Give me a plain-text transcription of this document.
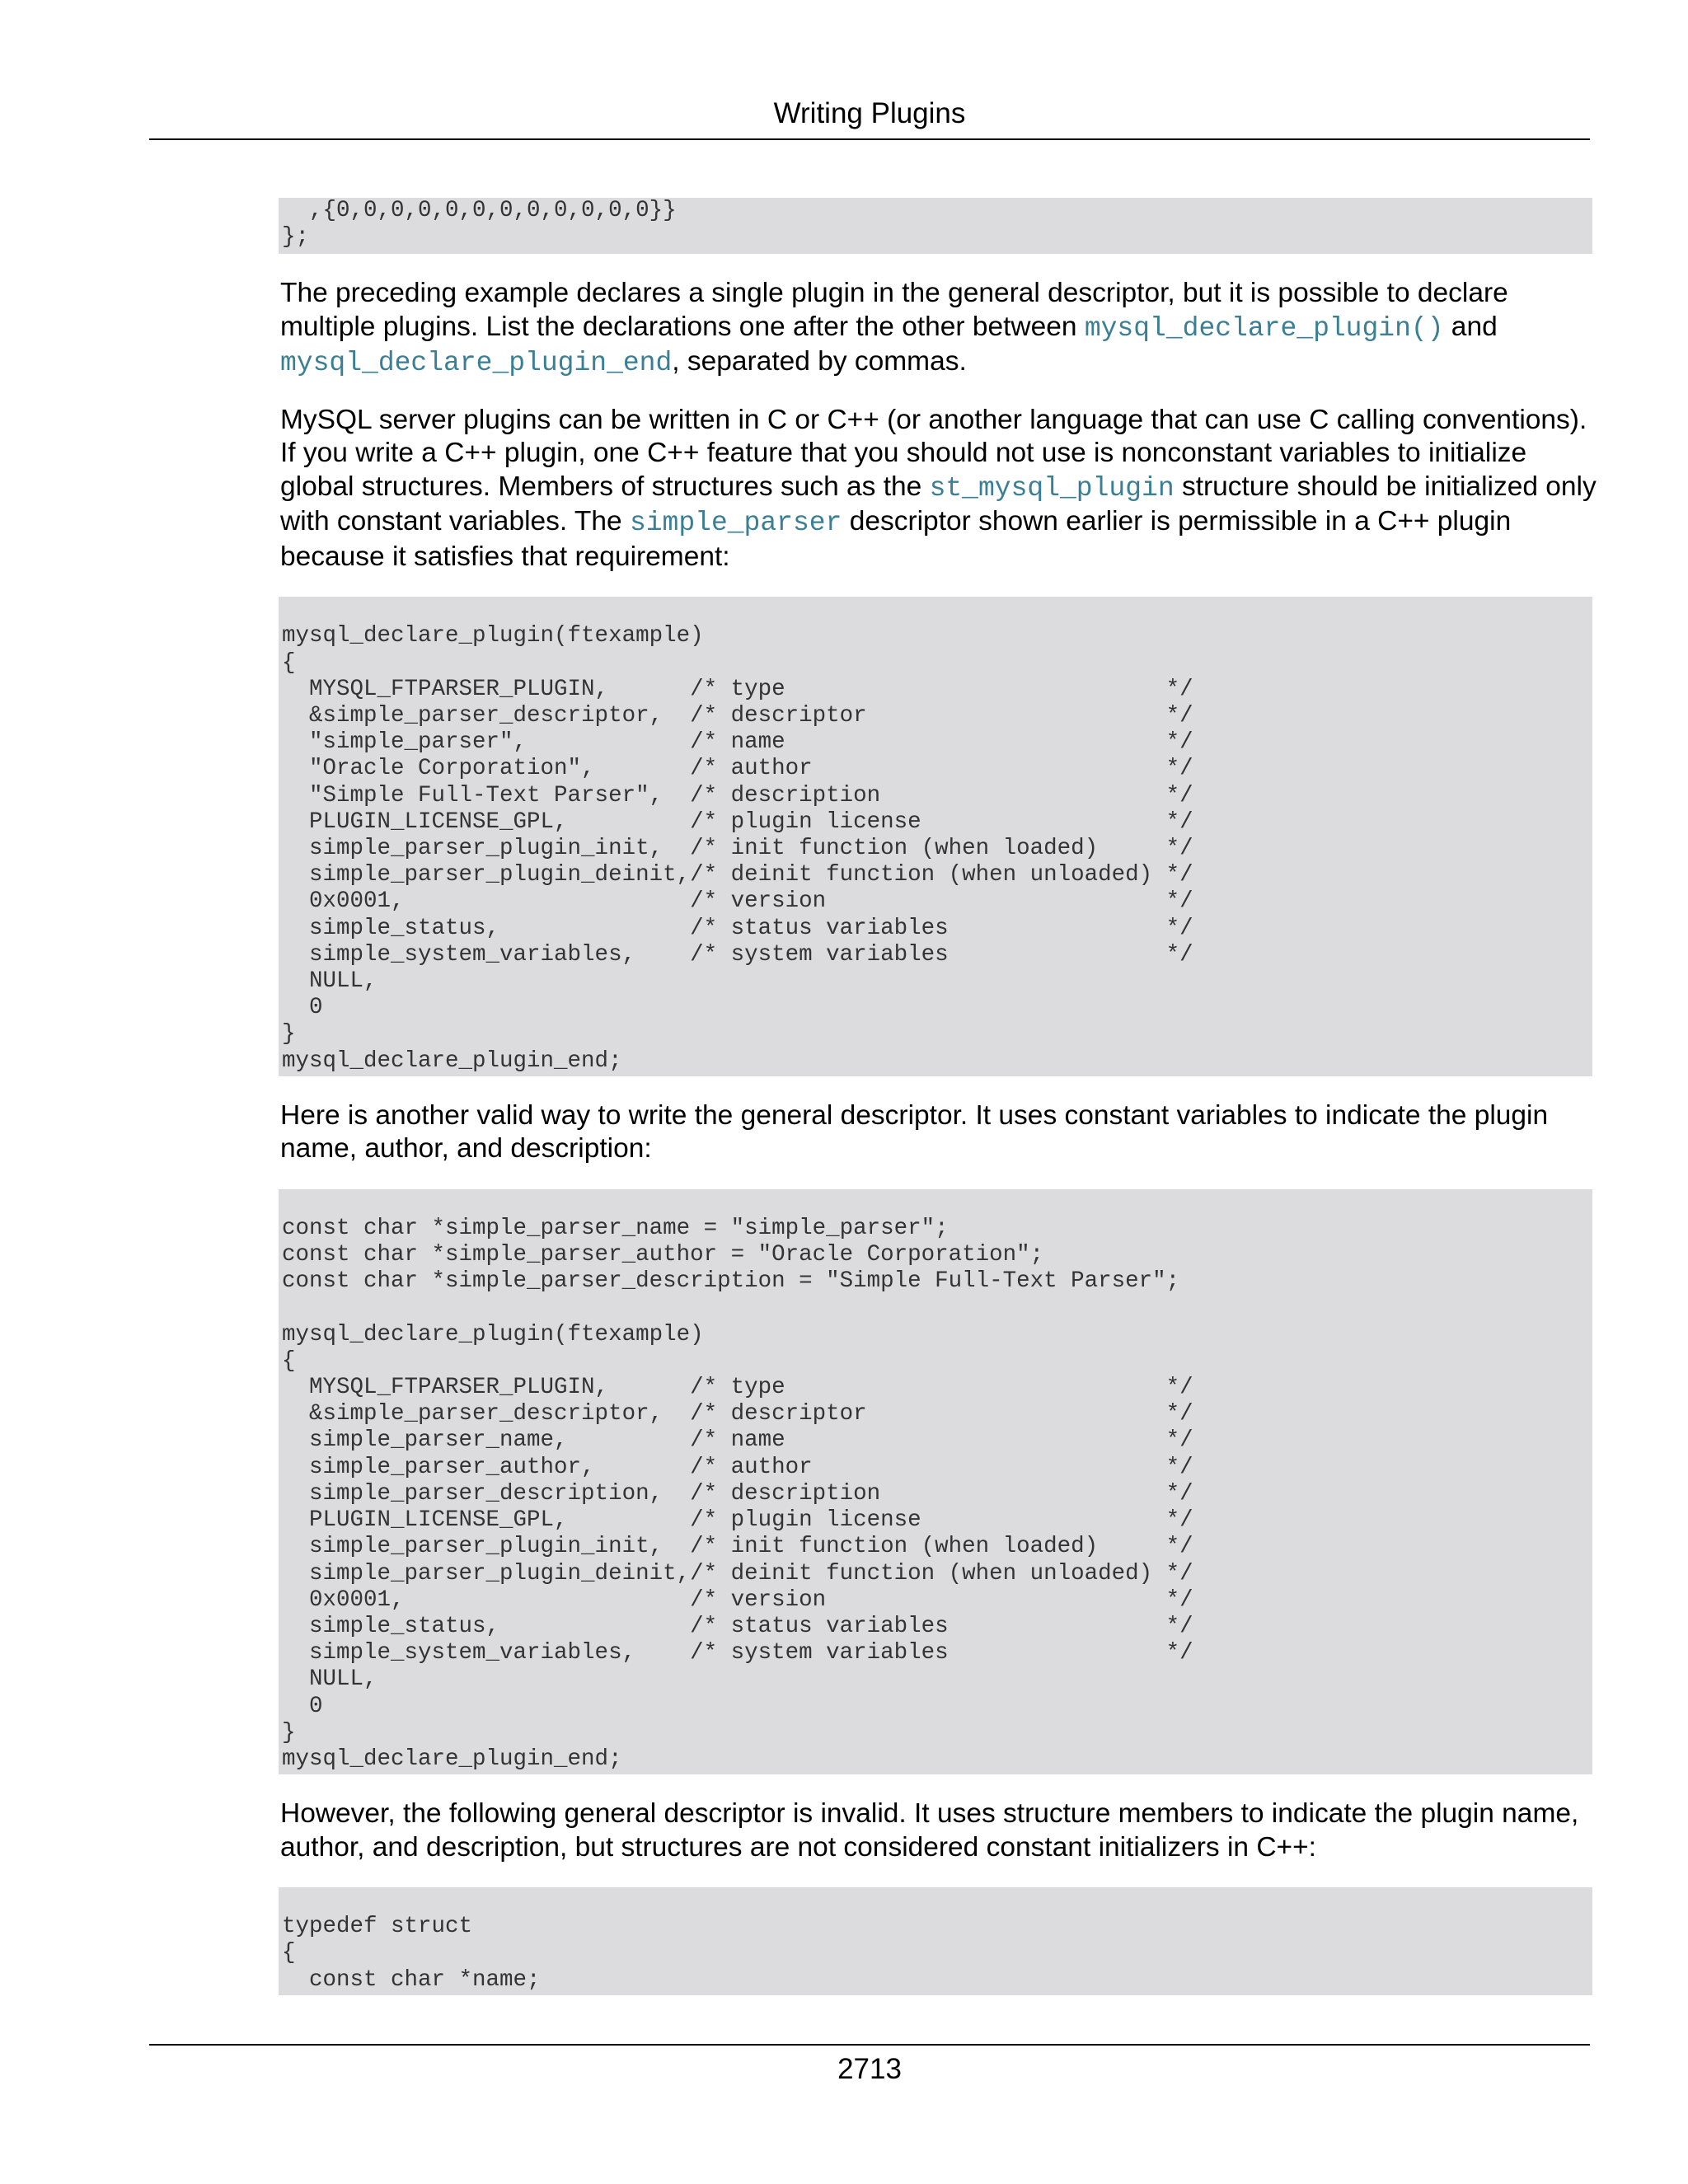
Writing Plugins
,{0,0,0,0,0,0,0,0,0,0,0,0}}
};

The preceding example declares a single plugin in the general descriptor, but it is possible to declare multiple plugins. List the declarations one after the other between mysql_declare_plugin() and mysql_declare_plugin_end, separated by commas.

MySQL server plugins can be written in C or C++ (or another language that can use C calling conventions). If you write a C++ plugin, one C++ feature that you should not use is nonconstant variables to initialize global structures. Members of structures such as the st_mysql_plugin structure should be initialized only with constant variables. The simple_parser descriptor shown earlier is permissible in a C++ plugin because it satisfies that requirement:

mysql_declare_plugin(ftexample)
{
MYSQL_FTPARSER_PLUGIN,      /* type                            */
&simple_parser_descriptor,  /* descriptor                      */
"simple_parser",            /* name                            */
"Oracle Corporation",       /* author                          */
"Simple Full-Text Parser",  /* description                     */
PLUGIN_LICENSE_GPL,         /* plugin license                  */
simple_parser_plugin_init,  /* init function (when loaded)     */
simple_parser_plugin_deinit,/* deinit function (when unloaded) */
0x0001,                     /* version                         */
simple_status,              /* status variables                */
simple_system_variables,    /* system variables                */
NULL,
0
}
mysql_declare_plugin_end;

Here is another valid way to write the general descriptor. It uses constant variables to indicate the plugin name, author, and description:

const char *simple_parser_name = "simple_parser";
const char *simple_parser_author = "Oracle Corporation";
const char *simple_parser_description = "Simple Full-Text Parser";

mysql_declare_plugin(ftexample)
{
MYSQL_FTPARSER_PLUGIN,      /* type                            */
&simple_parser_descriptor,  /* descriptor                      */
simple_parser_name,         /* name                            */
simple_parser_author,       /* author                          */
simple_parser_description,  /* description                     */
PLUGIN_LICENSE_GPL,         /* plugin license                  */
simple_parser_plugin_init,  /* init function (when loaded)     */
simple_parser_plugin_deinit,/* deinit function (when unloaded) */
0x0001,                     /* version                         */
simple_status,              /* status variables                */
simple_system_variables,    /* system variables                */
NULL,
0
}
mysql_declare_plugin_end;

However, the following general descriptor is invalid. It uses structure members to indicate the plugin name, author, and description, but structures are not considered constant initializers in C++:

typedef struct
{
const char *name;
2713
